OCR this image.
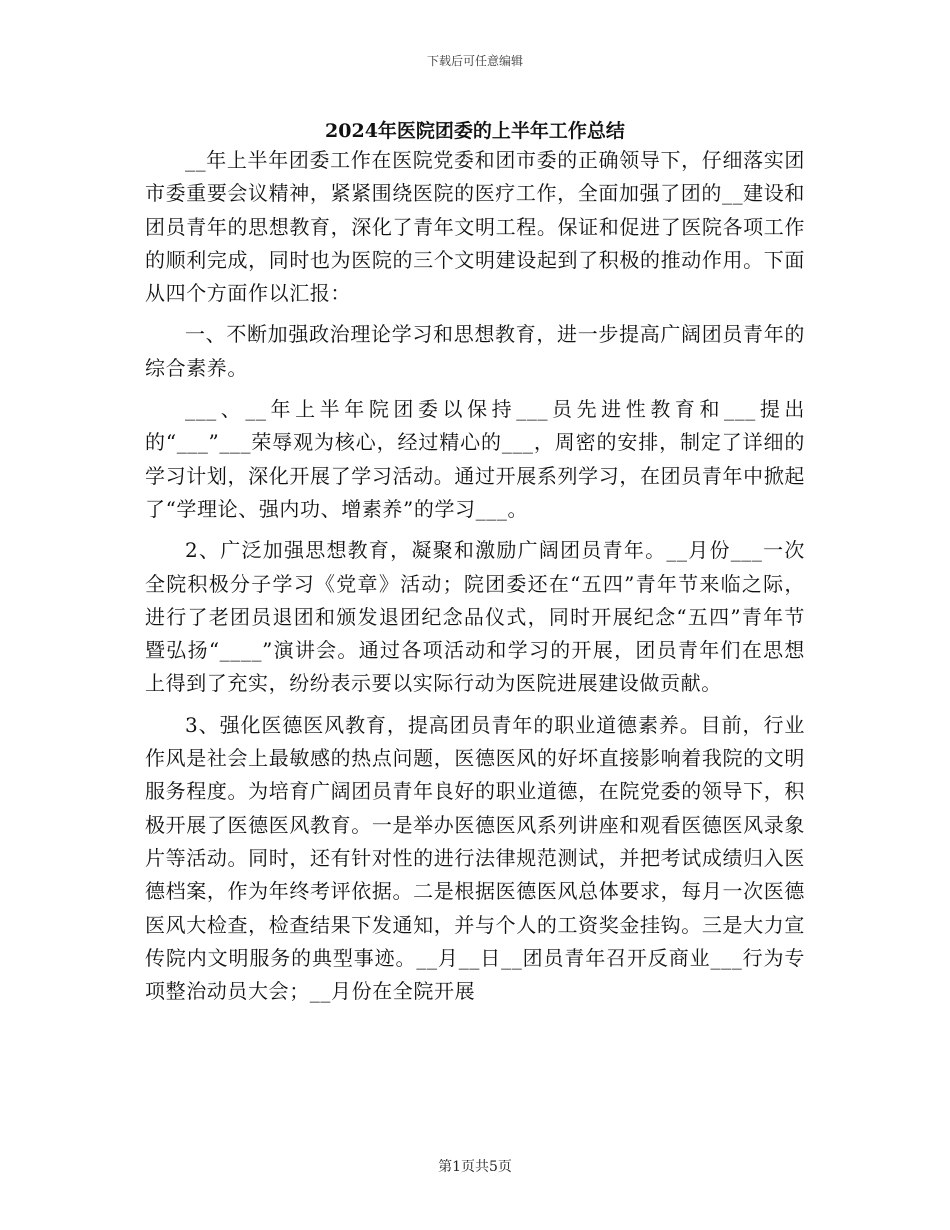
下载后可任意编辑
2024年医院团委的上半年工作总结

__年上半年团委工作在医院党委和团市委的正确领导下，仔细落实团市委重要会议精神，紧紧围绕医院的医疗工作，全面加强了团的__建设和团员青年的思想教育，深化了青年文明工程。保证和促进了医院各项工作的顺利完成，同时也为医院的三个文明建设起到了积极的推动作用。下面从四个方面作以汇报：

一、不断加强政治理论学习和思想教育，进一步提高广阔团员青年的综合素养。

___、__年上半年院团委以保持___员先进性教育和___提出的“___”___荣辱观为核心，经过精心的___，周密的安排，制定了详细的学习计划，深化开展了学习活动。通过开展系列学习，在团员青年中掀起了“学理论、强内功、增素养”的学习___。

2、广泛加强思想教育，凝聚和激励广阔团员青年。__月份___一次全院积极分子学习《党章》活动；院团委还在“五四”青年节来临之际，进行了老团员退团和颁发退团纪念品仪式，同时开展纪念“五四”青年节暨弘扬“____”演讲会。通过各项活动和学习的开展，团员青年们在思想上得到了充实，纷纷表示要以实际行动为医院进展建设做贡献。

3、强化医德医风教育，提高团员青年的职业道德素养。目前，行业作风是社会上最敏感的热点问题，医德医风的好坏直接影响着我院的文明服务程度。为培育广阔团员青年良好的职业道德，在院党委的领导下，积极开展了医德医风教育。一是举办医德医风系列讲座和观看医德医风录象片等活动。同时，还有针对性的进行法律规范测试，并把考试成绩归入医德档案，作为年终考评依据。二是根据医德医风总体要求，每月一次医德医风大检查，检查结果下发通知，并与个人的工资奖金挂钩。三是大力宣传院内文明服务的典型事迹。__月__日__团员青年召开反商业___行为专项整治动员大会；__月份在全院开展

第1页共5页
